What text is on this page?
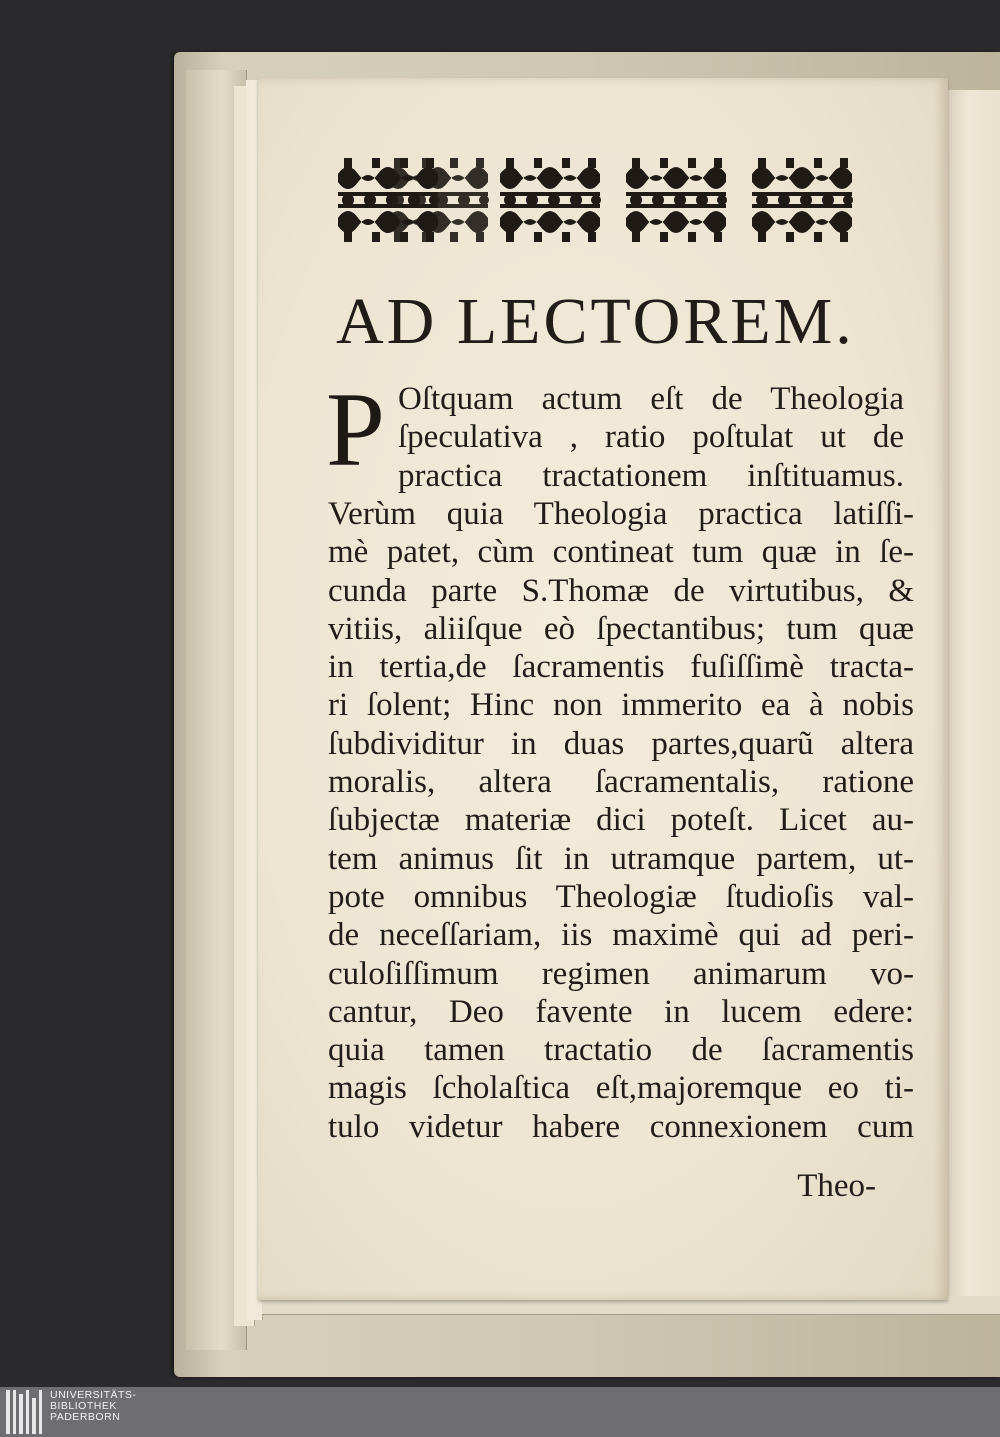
AD LECTOREM.
P Oſtquam actum eſt de Theologia
ſpeculativa , ratio poſtulat ut de
practica tractationem inſtituamus.
Verùm quia Theologia practica latiſſi-
mè patet, cùm contineat tum quæ in ſe-
cunda parte S.Thomæ de virtutibus, &
vitiis, aliiſque eò ſpectantibus; tum quæ
in tertia,de ſacramentis fuſiſſimè tracta-
ri ſolent; Hinc non immerito ea à nobis
ſubdividitur in duas partes,quarũ altera
moralis, altera ſacramentalis, ratione
ſubjectæ materiæ dici poteſt. Licet au-
tem animus ſit in utramque partem, ut-
pote omnibus Theologiæ ſtudioſis val-
de neceſſariam, iis maximè qui ad peri-
culoſiſſimum regimen animarum vo-
cantur, Deo favente in lucem edere:
quia tamen tractatio de ſacramentis
magis ſcholaſtica eſt,majoremque eo ti-
tulo videtur habere connexionem cum
Theo-
UNIVERSITÄTS-
BIBLIOTHEK
PADERBORN
